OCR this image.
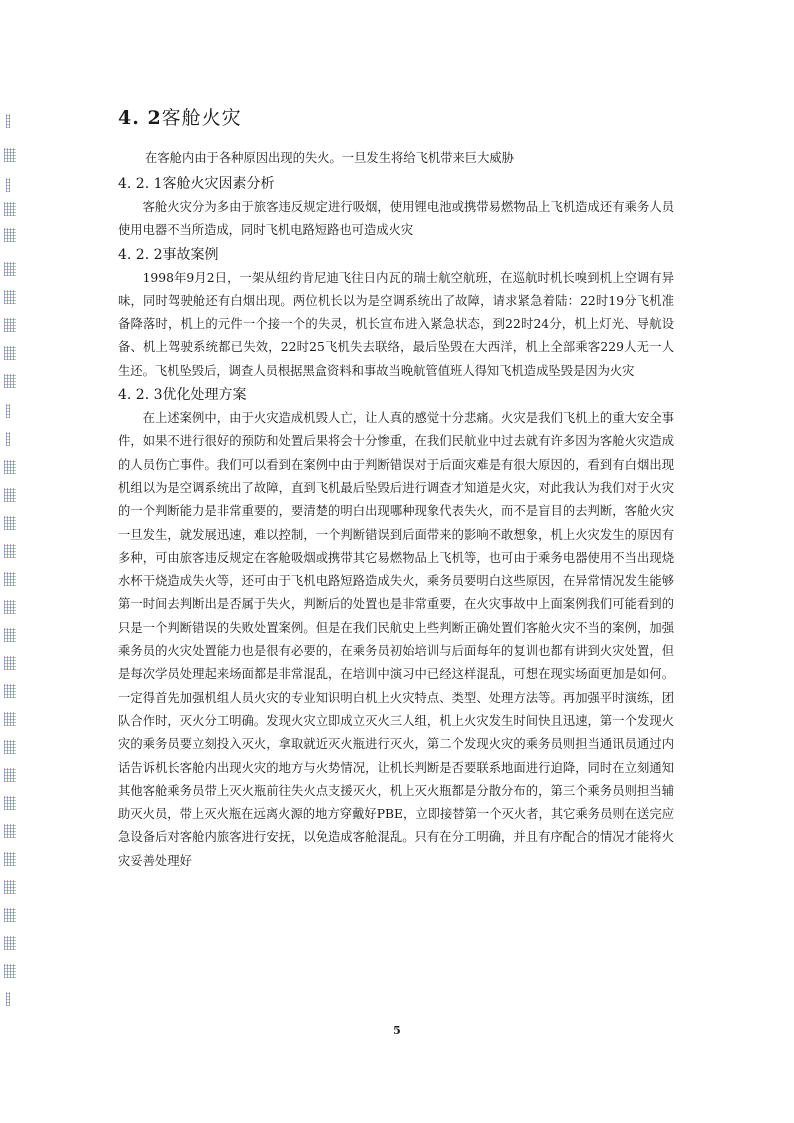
4. 2客舱火灾

在客舱内由于各种原因出现的失火。一旦发生将给飞机带来巨大威胁

4. 2. 1客舱火灾因素分析

客舱火灾分为多由于旅客违反规定进行吸烟，使用锂电池或携带易燃物品上飞机造成还有乘务人员使用电器不当所造成，同时飞机电路短路也可造成火灾

4. 2. 2事故案例

1998年9月2日，一架从纽约肯尼迪飞往日内瓦的瑞士航空航班，在巡航时机长嗅到机上空调有异味，同时驾驶舱还有白烟出现。两位机长以为是空调系统出了故障，请求紧急着陆：22时19分飞机准备降落时，机上的元件一个接一个的失灵，机长宣布进入紧急状态，到22时24分，机上灯光、导航设备、机上驾驶系统都已失效，22时25飞机失去联络，最后坠毁在大西洋，机上全部乘客229人无一人生还。飞机坠毁后，调查人员根据黑盒资料和事故当晚航管值班人得知飞机造成坠毁是因为火灾

4. 2. 3优化处理方案

在上述案例中，由于火灾造成机毁人亡，让人真的感觉十分悲痛。火灾是我们飞机上的重大安全事件，如果不进行很好的预防和处置后果将会十分惨重，在我们民航业中过去就有许多因为客舱火灾造成的人员伤亡事件。我们可以看到在案例中由于判断错误对于后面灾难是有很大原因的，看到有白烟出现机组以为是空调系统出了故障，直到飞机最后坠毁后进行调查才知道是火灾，对此我认为我们对于火灾的一个判断能力是非常重要的，要清楚的明白出现哪种现象代表失火，而不是盲目的去判断，客舱火灾一旦发生，就发展迅速，难以控制，一个判断错误到后面带来的影响不敢想象，机上火灾发生的原因有多种，可由旅客违反规定在客舱吸烟或携带其它易燃物品上飞机等，也可由于乘务电器使用不当出现烧水杯干烧造成失火等，还可由于飞机电路短路造成失火，乘务员要明白这些原因，在异常情况发生能够第一时间去判断出是否属于失火，判断后的处置也是非常重要，在火灾事故中上面案例我们可能看到的只是一个判断错误的失败处置案例。但是在我们民航史上些判断正确处置们客舱火灾不当的案例，加强乘务员的火灾处置能力也是很有必要的，在乘务员初始培训与后面每年的复训也都有讲到火灾处置，但是每次学员处理起来场面都是非常混乱，在培训中演习中已经这样混乱，可想在现实场面更加是如何。一定得首先加强机组人员火灾的专业知识明白机上火灾特点、类型、处理方法等。再加强平时演练，团队合作时，灭火分工明确。发现火灾立即成立灭火三人组，机上火灾发生时间快且迅速，第一个发现火灾的乘务员要立刻投入灭火，拿取就近灭火瓶进行灭火，第二个发现火灾的乘务员则担当通讯员通过内话告诉机长客舱内出现火灾的地方与火势情况，让机长判断是否要联系地面进行迫降，同时在立刻通知其他客舱乘务员带上灭火瓶前往失火点支援灭火，机上灭火瓶都是分散分布的，第三个乘务员则担当辅助灭火员，带上灭火瓶在远离火源的地方穿戴好PBE，立即接替第一个灭火者，其它乘务员则在送完应急设备后对客舱内旅客进行安抚，以免造成客舱混乱。只有在分工明确，并且有序配合的情况才能将火灾妥善处理好

5
